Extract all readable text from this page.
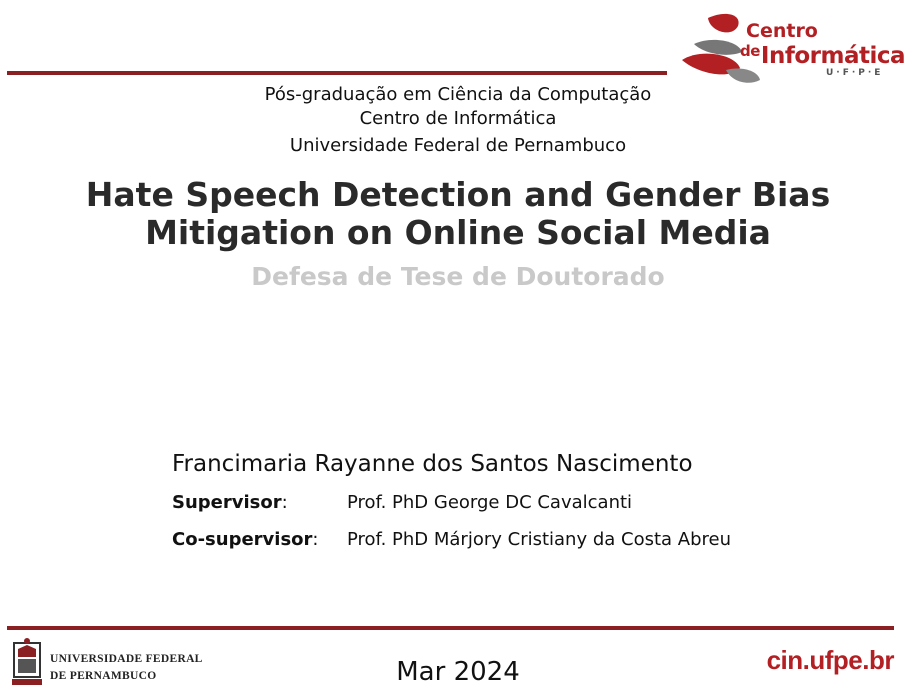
Centro
$^{de}$Informática
U·F·P·E
Pós-graduação em Ciência da Computação
Centro de Informática
Universidade Federal de Pernambuco
Hate Speech Detection and Gender Bias
Mitigation on Online Social Media
Defesa de Tese de Doutorado
Francimaria Rayanne dos Santos Nascimento
Supervisor:	Prof. PhD George DC Cavalcanti
Co-supervisor: Prof. PhD Márjory Cristiany da Costa Abreu
UNIVERSIDADE FEDERAL
DE PERNAMBUCO	Mar 2024	cin.ufpe.br
